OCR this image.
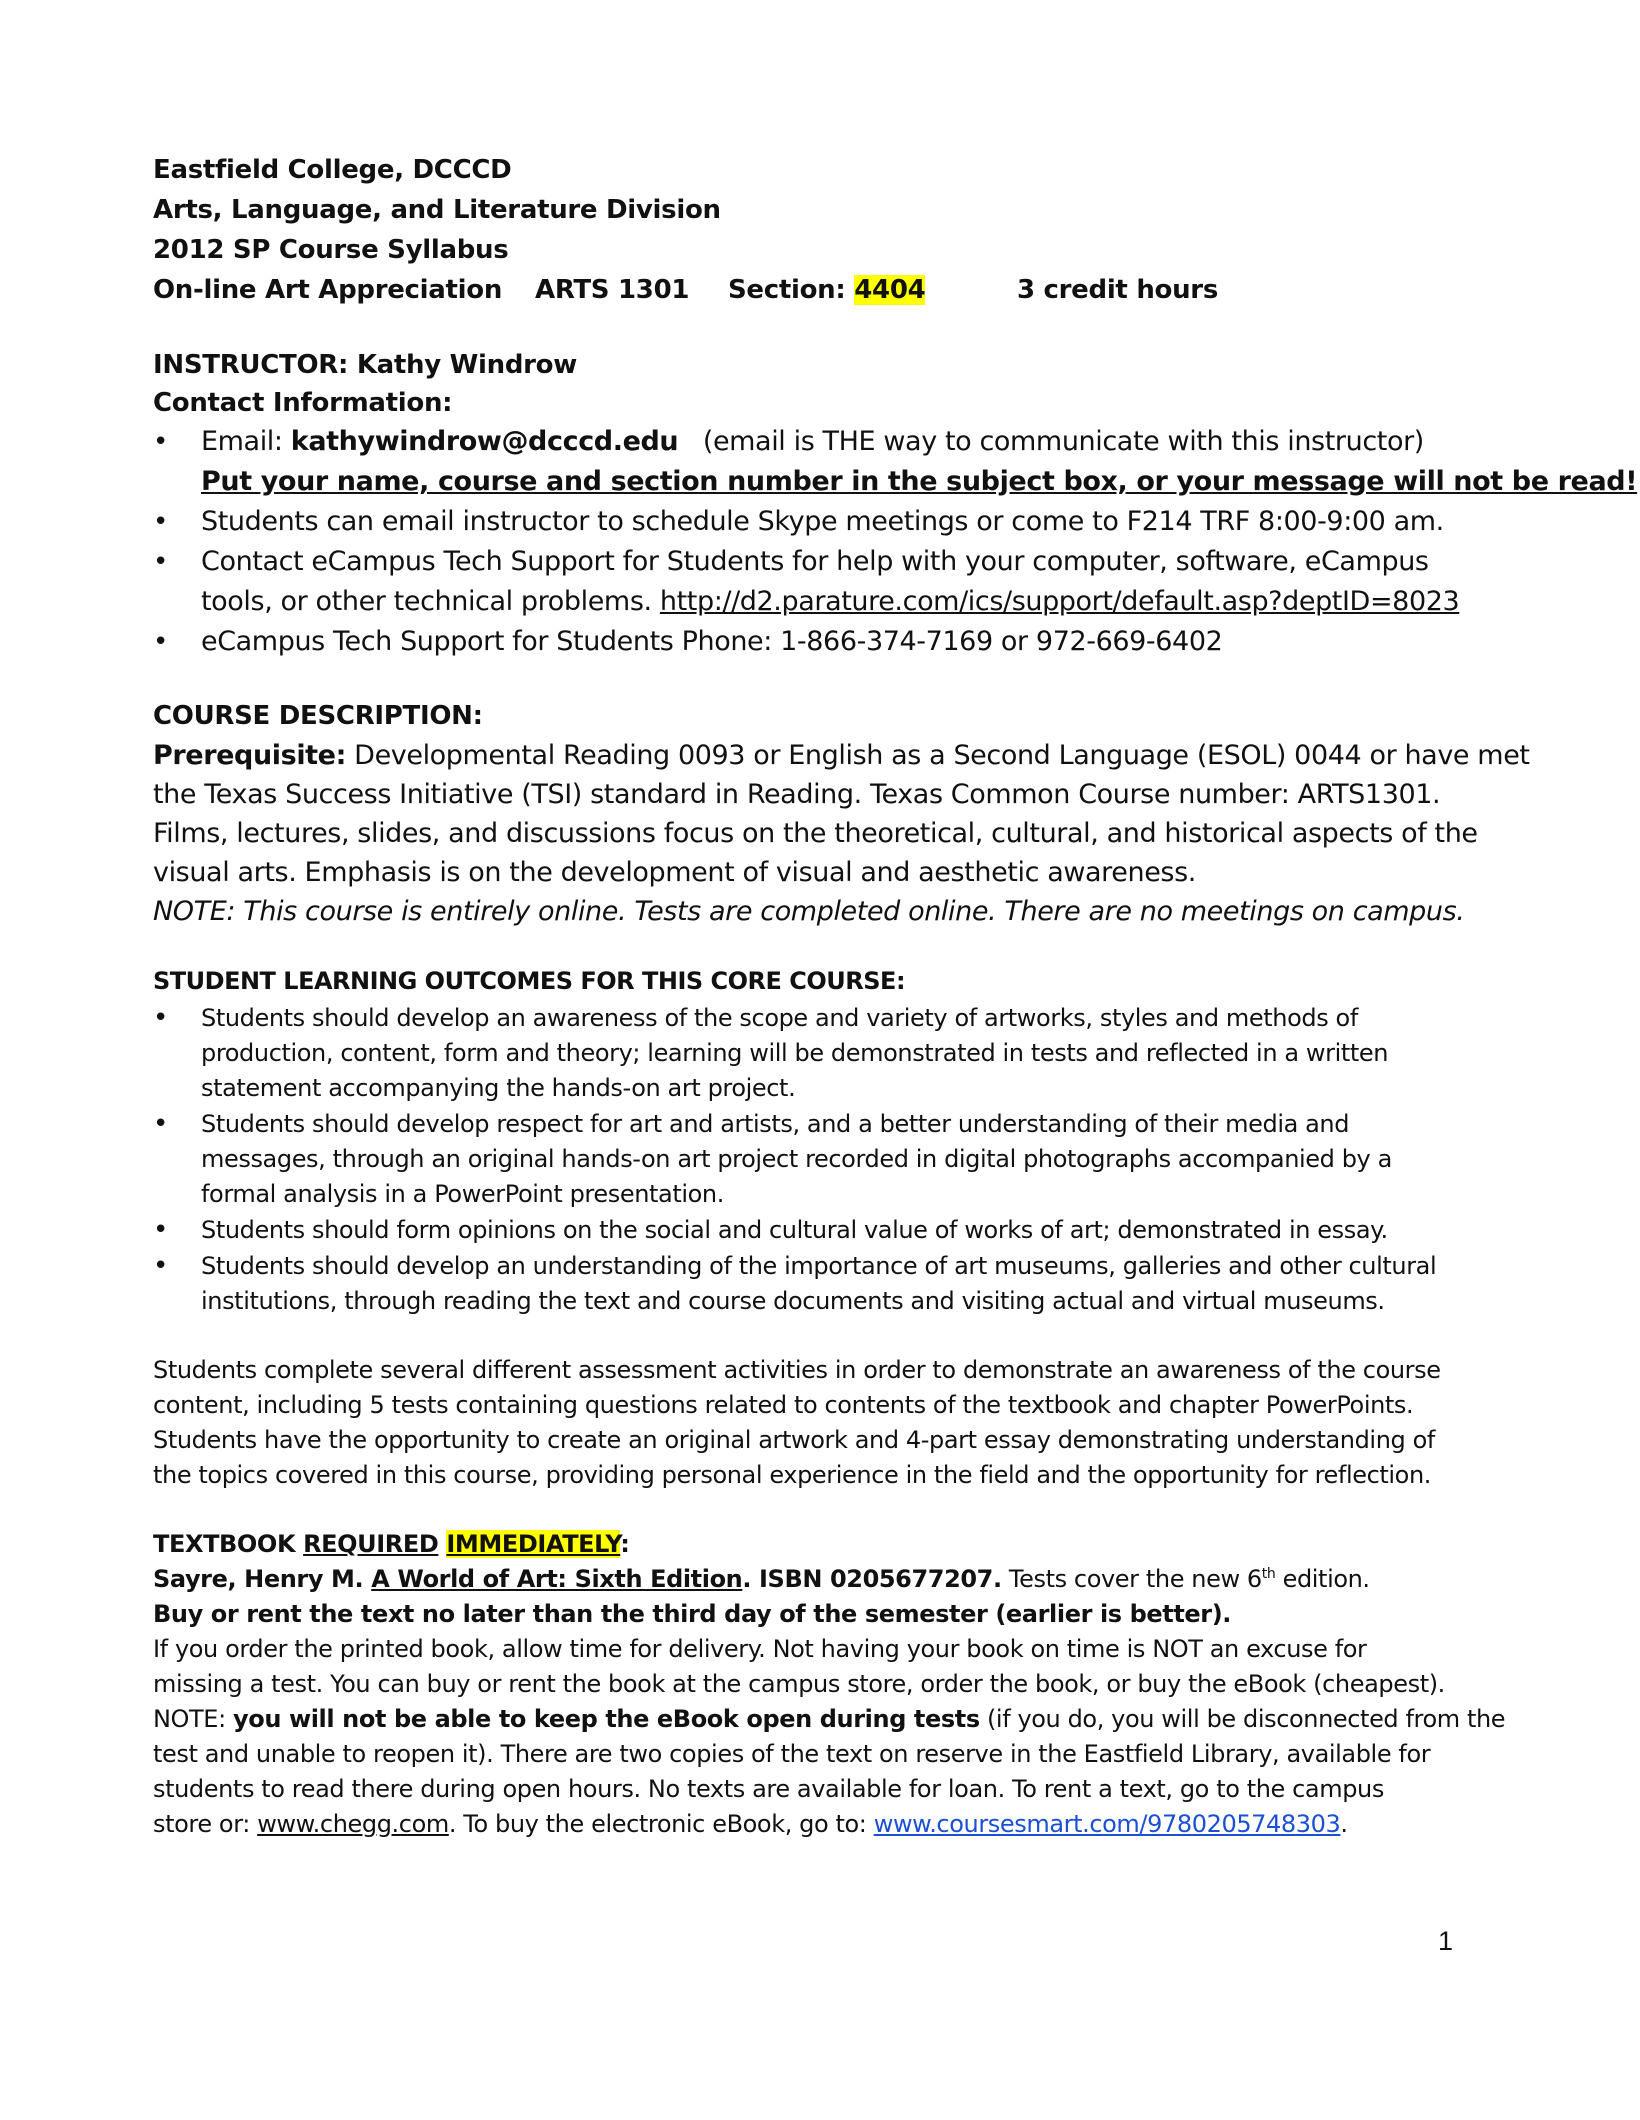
Eastfield College, DCCCD
Arts, Language, and Literature Division
2012 SP Course Syllabus
On-line Art Appreciation	ARTS 1301	Section: 4404	3 credit hours
INSTRUCTOR: Kathy Windrow
Contact Information:
• Email: kathywindrow@dcccd.edu (email is THE way to communicate with this instructor)
Put your name, course and section number in the subject box, or your message will not be read!
• Students can email instructor to schedule Skype meetings or come to F214 TRF 8:00-9:00 am.
• Contact eCampus Tech Support for Students for help with your computer, software, eCampus
tools, or other technical problems. http://d2.parature.com/ics/support/default.asp?deptID=8023
• eCampus Tech Support for Students Phone: 1-866-374-7169 or 972-669-6402
COURSE DESCRIPTION:
Prerequisite: Developmental Reading 0093 or English as a Second Language (ESOL) 0044 or have met
the Texas Success Initiative (TSI) standard in Reading. Texas Common Course number: ARTS1301.
Films, lectures, slides, and discussions focus on the theoretical, cultural, and historical aspects of the
visual arts. Emphasis is on the development of visual and aesthetic awareness.
NOTE: This course is entirely online. Tests are completed online. There are no meetings on campus.
STUDENT LEARNING OUTCOMES FOR THIS CORE COURSE:
• Students should develop an awareness of the scope and variety of artworks, styles and methods of
production, content, form and theory; learning will be demonstrated in tests and reflected in a written
statement accompanying the hands-on art project.
• Students should develop respect for art and artists, and a better understanding of their media and
messages, through an original hands-on art project recorded in digital photographs accompanied by a
formal analysis in a PowerPoint presentation.
• Students should form opinions on the social and cultural value of works of art; demonstrated in essay.
• Students should develop an understanding of the importance of art museums, galleries and other cultural
institutions, through reading the text and course documents and visiting actual and virtual museums.
Students complete several different assessment activities in order to demonstrate an awareness of the course
content, including 5 tests containing questions related to contents of the textbook and chapter PowerPoints.
Students have the opportunity to create an original artwork and 4-part essay demonstrating understanding of
the topics covered in this course, providing personal experience in the field and the opportunity for reflection.
TEXTBOOK REQUIRED IMMEDIATELY:
Sayre, Henry M. A World of Art: Sixth Edition. ISBN 0205677207. Tests cover the new 6th edition.
Buy or rent the text no later than the third day of the semester (earlier is better).
If you order the printed book, allow time for delivery. Not having your book on time is NOT an excuse for
missing a test. You can buy or rent the book at the campus store, order the book, or buy the eBook (cheapest).
NOTE: you will not be able to keep the eBook open during tests (if you do, you will be disconnected from the
test and unable to reopen it). There are two copies of the text on reserve in the Eastfield Library, available for
students to read there during open hours. No texts are available for loan. To rent a text, go to the campus
store or: www.chegg.com. To buy the electronic eBook, go to: www.coursesmart.com/9780205748303.
1
